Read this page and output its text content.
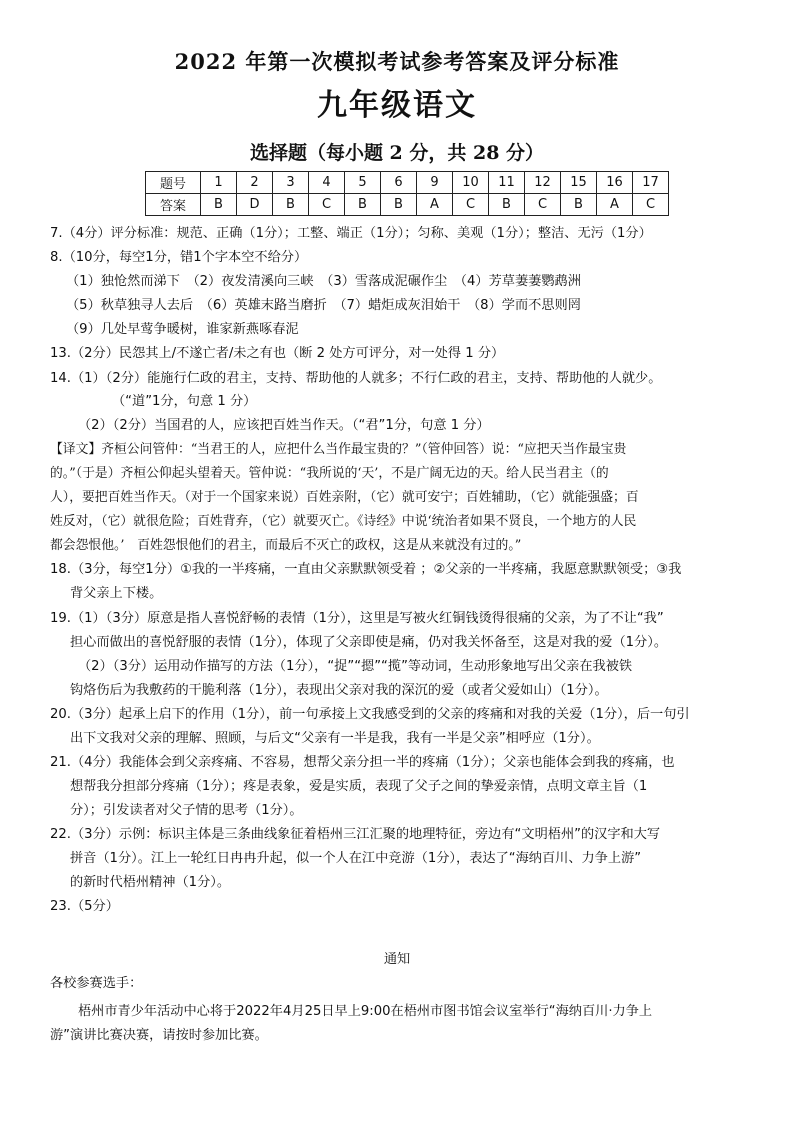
2022 年第一次模拟考试参考答案及评分标准
九年级语文
选择题（每小题 2 分，共 28 分）
题号	1	2	3	4	5	6	9	10	11	12	15	16	17
答案	B	D	B	C	B	B	A	C	B	C	B	A	C
7.（4分）评分标准：规范、正确（1分）；工整、端正（1分）；匀称、美观（1分）；整洁、无污（1分）
8.（10分，每空1分，错1个字本空不给分）
（1）独怆然而涕下　（2）夜发清溪向三峡　（3）雪落成泥碾作尘　（4）芳草萋萋鹦鹉洲
（5）秋草独寻人去后　（6）英雄末路当磨折　（7）蜡炬成灰泪始干　（8）学而不思则罔
（9）几处早莺争暖树，谁家新燕啄春泥
13.（2分）民怨其上/不遂亡者/未之有也（断 2 处方可评分，对一处得 1 分）
14.（1）（2分）能施行仁政的君主，支持、帮助他的人就多；不行仁政的君主，支持、帮助他的人就少。
（“道”1分，句意 1 分）
（2）（2分）当国君的人，应该把百姓当作天。（“君”1分，句意 1 分）
【译文】齐桓公问管仲：“当君王的人，应把什么当作最宝贵的？”（管仲回答）说：“应把天当作最宝贵
的。”（于是）齐桓公仰起头望着天。管仲说：“我所说的‘天’，不是广阔无边的天。给人民当君主（的
人），要把百姓当作天。（对于一个国家来说）百姓亲附，（它）就可安宁；百姓辅助，（它）就能强盛；百
姓反对，（它）就很危险；百姓背弃，（它）就要灭亡。《诗经》中说‘统治者如果不贤良，一个地方的人民
都会怨恨他。’　百姓怨恨他们的君主，而最后不灭亡的政权，这是从来就没有过的。”
18.（3分，每空1分）①我的一半疼痛，一直由父亲默默领受着 ；②父亲的一半疼痛，我愿意默默领受；③我
背父亲上下楼。
19.（1）（3分）原意是指人喜悦舒畅的表情（1分），这里是写被火红铜钱烫得很痛的父亲，为了不让“我”
担心而做出的喜悦舒服的表情（1分），体现了父亲即使是痛，仍对我关怀备至，这是对我的爱（1分）。
（2）（3分）运用动作描写的方法（1分），“捉”“摁”“揽”等动词，生动形象地写出父亲在我被铁
钩烙伤后为我敷药的干脆利落（1分），表现出父亲对我的深沉的爱（或者父爱如山）（1分）。
20.（3分）起承上启下的作用（1分），前一句承接上文我感受到的父亲的疼痛和对我的关爱（1分），后一句引
出下文我对父亲的理解、照顾，与后文“父亲有一半是我，我有一半是父亲”相呼应（1分）。
21.（4分）我能体会到父亲疼痛、不容易，想帮父亲分担一半的疼痛（1分）；父亲也能体会到我的疼痛，也
想帮我分担部分疼痛（1分）；疼是表象，爱是实质，表现了父子之间的挚爱亲情，点明文章主旨（1
分）；引发读者对父子情的思考（1分）。
22.（3分）示例：标识主体是三条曲线象征着梧州三江汇聚的地理特征，旁边有“文明梧州”的汉字和大写
拼音（1分）。江上一轮红日冉冉升起，似一个人在江中竞游（1分），表达了“海纳百川、力争上游”
的新时代梧州精神（1分）。
23.（5分）
通知
各校参赛选手：
梧州市青少年活动中心将于2022年4月25日早上9:00在梧州市图书馆会议室举行“海纳百川·力争上
游”演讲比赛决赛，请按时参加比赛。
